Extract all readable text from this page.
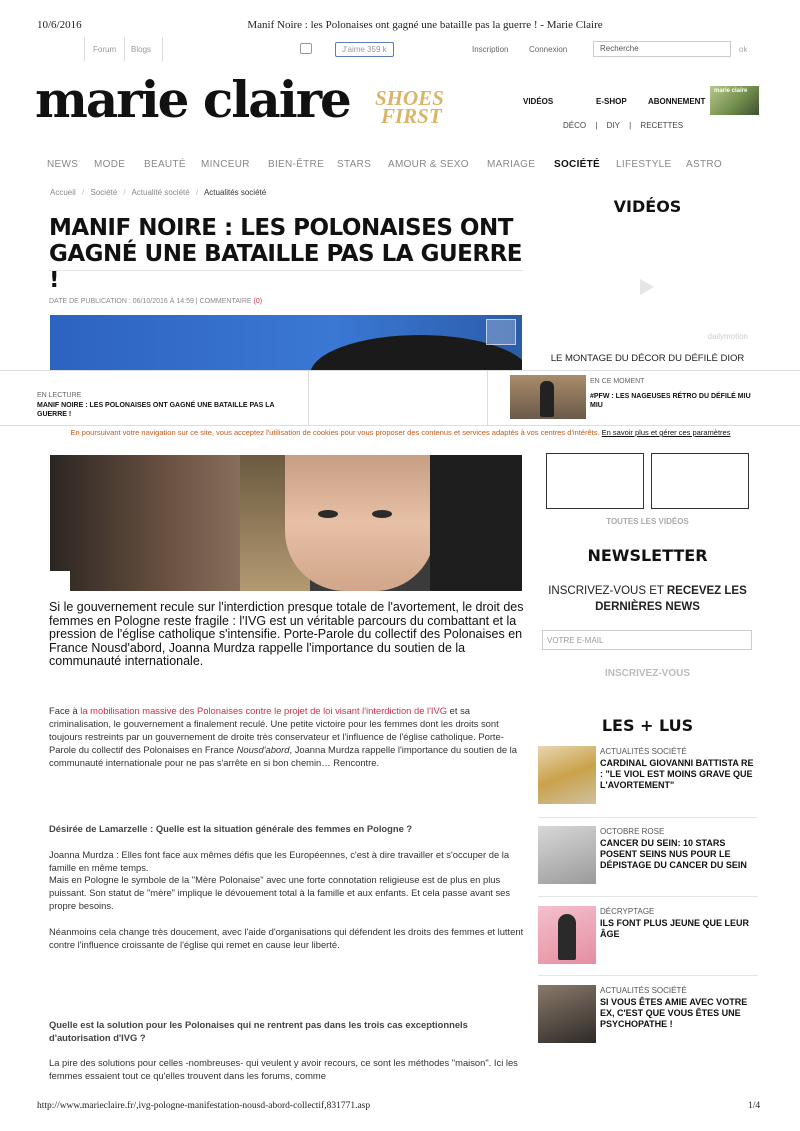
10/6/2016	Manif Noire : les Polonaises ont gagné une bataille pas la guerre ! - Marie Claire
Forum Blogs	J'aime 359 k	Inscription	Connexion	Recherche	ok
marie claire SHOES
FIRST
VIDÉOS	E-SHOP	ABONNEMENT
marie claire
DÉCO | DIY | RECETTES
NEWS MODE BEAUTÉ MINCEUR BIEN-ÊTRE STARS AMOUR & SEXO MARIAGE SOCIÉTÉ LIFESTYLE ASTRO
Accueil / Société / Actualité société / Actualités société
MANIF NOIRE : LES POLONAISES ONT
GAGNÉ UNE BATAILLE PAS LA GUERRE !
DATE DE PUBLICATION : 06/10/2016 À 14:59 | COMMENTAIRE (0)
EN LECTURE
MANIF NOIRE : LES POLONAISES ONT GAGNÉ UNE BATAILLE PAS LA GUERRE !
EN CE MOMENT
#PFW : LES NAGEUSES RÉTRO DU DÉFILÉ MIU MIU
En poursuivant votre navigation sur ce site, vous acceptez l'utilisation de cookies pour vous proposer des contenus et services adaptés à vos centres d'intérêts. En savoir plus et gérer ces paramètres
Si le gouvernement recule sur l'interdiction presque totale de l'avortement, le droit des femmes en Pologne reste fragile : l'IVG est un véritable parcours du combattant et la pression de l'église catholique s'intensifie. Porte-Parole du collectif des Polonaises en France Nousd'abord, Joanna Murdza rappelle l'importance du soutien de la communauté internationale.
Face à la mobilisation massive des Polonaises contre le projet de loi visant l'interdiction de l'IVG et sa criminalisation, le gouvernement a finalement reculé. Une petite victoire pour les femmes dont les droits sont toujours restreints par un gouvernement de droite très conservateur et l'influence de l'église catholique. Porte-Parole du collectif des Polonaises en France Nousd'abord, Joanna Murdza rappelle l'importance du soutien de la communauté internationale pour ne pas s'arrête en si bon chemin… Rencontre.
Désirée de Lamarzelle : Quelle est la situation générale des femmes en Pologne ?
Joanna Murdza : Elles font face aux mêmes défis que les Européennes, c'est à dire travailler et s'occuper de la famille en même temps.
Mais en Pologne le symbole de la "Mère Polonaise" avec une forte connotation religieuse est de plus en plus puissant. Son statut de "mère" implique le dévouement total à la famille et aux enfants. Et cela passe avant ses propre besoins.
Néanmoins cela change très doucement, avec l'aide d'organisations qui défendent les droits des femmes et luttent contre l'influence croissante de l'église qui remet en cause leur liberté.
Quelle est la solution pour les Polonaises qui ne rentrent pas dans les trois cas exceptionnels d'autorisation d'IVG ?
La pire des solutions pour celles -nombreuses- qui veulent y avoir recours, ce sont les méthodes "maison". Ici les femmes essaient tout ce qu'elles trouvent dans les forums, comme
VIDÉOS
dailymotion
LE MONTAGE DU DÉCOR DU DÉFILÉ DIOR
TOUTES LES VIDÉOS
NEWSLETTER
INSCRIVEZ-VOUS ET RECEVEZ LES
DERNIÈRES NEWS
VOTRE E-MAIL
INSCRIVEZ-VOUS
LES + LUS
ACTUALITÉS SOCIÉTÉ
CARDINAL GIOVANNI BATTISTA RE : "LE VIOL EST MOINS GRAVE QUE L'AVORTEMENT"
OCTOBRE ROSE
CANCER DU SEIN: 10 STARS POSENT SEINS NUS POUR LE DÉPISTAGE DU CANCER DU SEIN
DÉCRYPTAGE
ILS FONT PLUS JEUNE QUE LEUR ÂGE
ACTUALITÉS SOCIÉTÉ
SI VOUS ÊTES AMIE AVEC VOTRE EX, C'EST QUE VOUS ÊTES UNE PSYCHOPATHE !
http://www.marieclaire.fr/,ivg-pologne-manifestation-nousd-abord-collectif,831771.asp	1/4
